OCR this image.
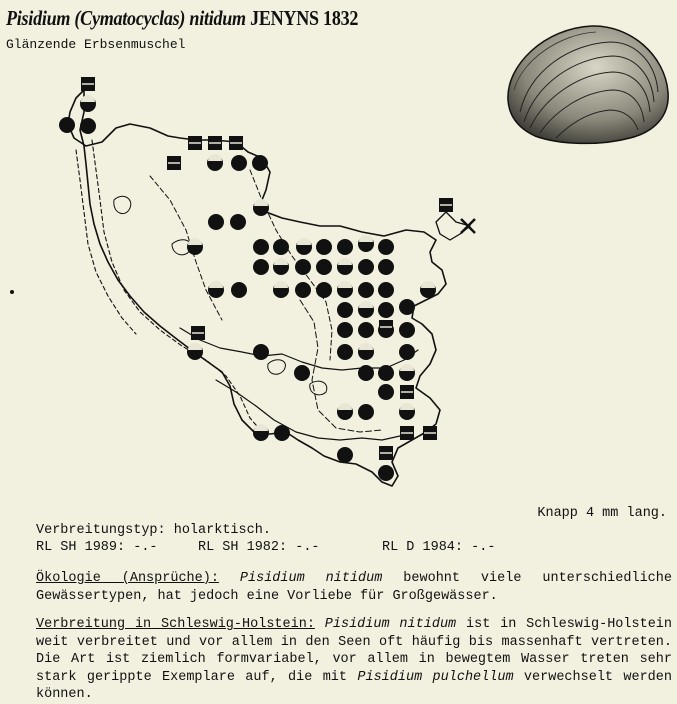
Pisidium (Cymatocyclas) nitidum JENYNS 1832
Glänzende Erbsenmuschel
Knapp 4 mm lang.
Verbreitungstyp: holarktisch.
RL SH 1989: -.-	RL SH 1982: -.-	RL D 1984: -.-
Ökologie (Ansprüche): Pisidium nitidum bewohnt viele unterschiedliche Gewässertypen, hat jedoch eine Vorliebe für Großgewässer.
Verbreitung in Schleswig-Holstein: Pisidium nitidum ist in Schleswig-Holstein weit verbreitet und vor allem in den Seen oft häufig bis massenhaft vertreten. Die Art ist ziemlich formvariabel, vor allem in bewegtem Wasser treten sehr stark gerippte Exemplare auf, die mit Pisidium pulchellum verwechselt werden können.
